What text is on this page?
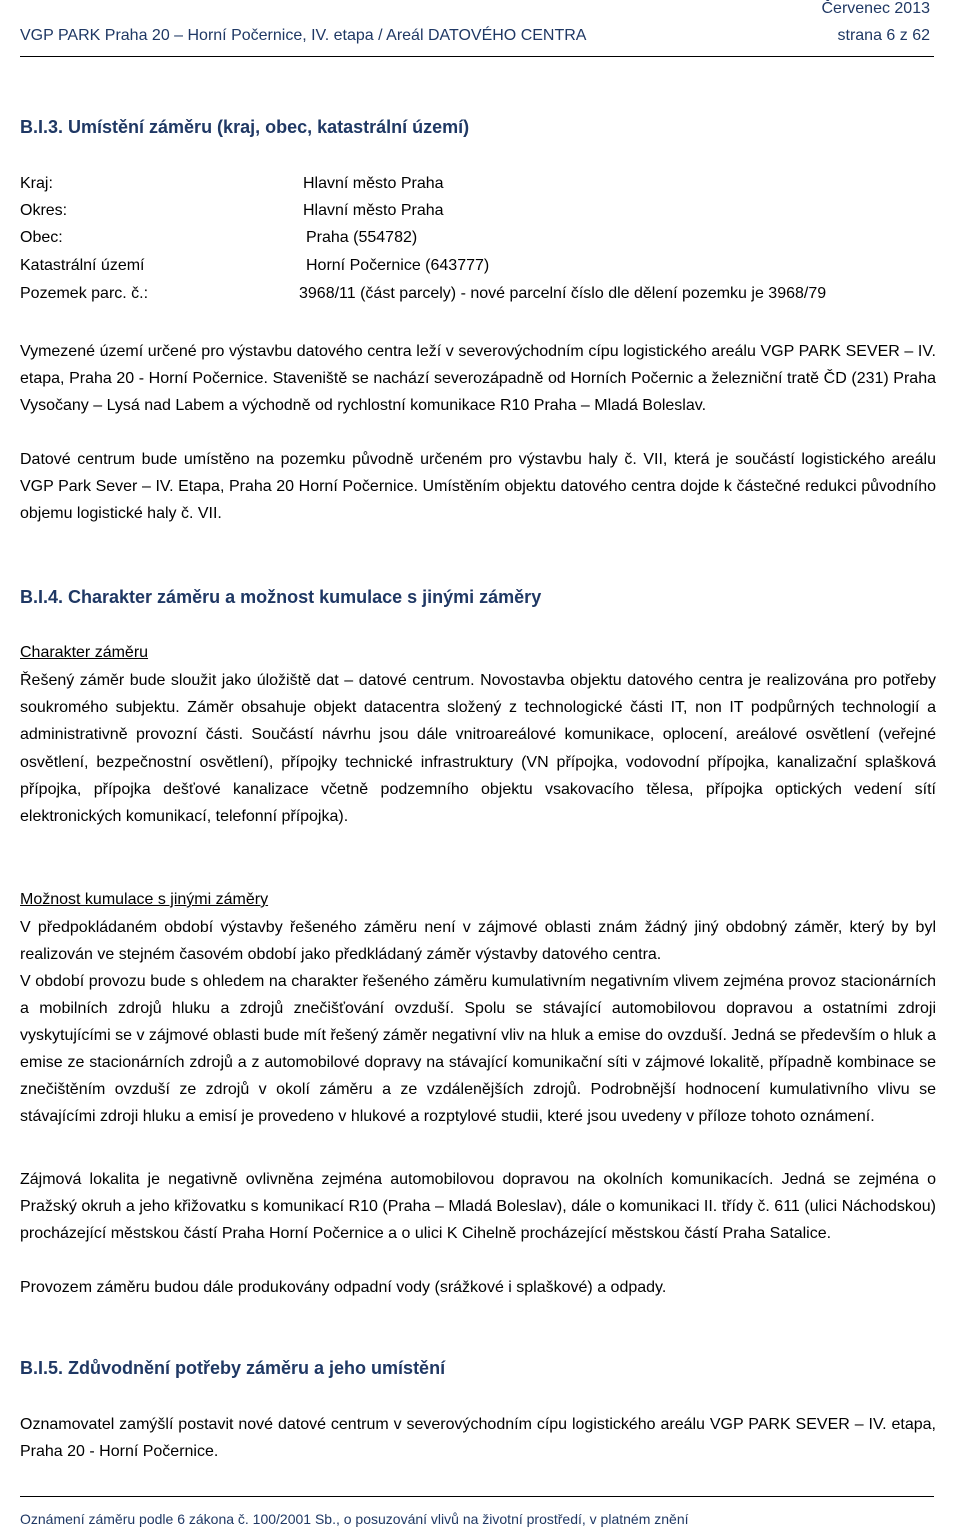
Červenec 2013
VGP PARK Praha 20 – Horní Počernice, IV. etapa / Areál DATOVÉHO CENTRA	strana 6 z 62
B.I.3. Umístění záměru (kraj, obec, katastrální území)
Kraj:	Hlavní město Praha
Okres:	Hlavní město Praha
Obec:	Praha (554782)
Katastrální území	Horní Počernice (643777)
Pozemek parc. č.:	3968/11 (část parcely) - nové parcelní číslo dle dělení pozemku je 3968/79
Vymezené území určené pro výstavbu datového centra leží v severovýchodním cípu logistického areálu VGP PARK SEVER – IV. etapa, Praha 20 - Horní Počernice. Staveniště se nachází severozápadně od Horních Počernic a železniční tratě ČD (231) Praha Vysočany – Lysá nad Labem a východně od rychlostní komunikace R10 Praha – Mladá Boleslav.
Datové centrum bude umístěno na pozemku původně určeném pro výstavbu haly č. VII, která je součástí logistického areálu VGP Park Sever – IV. Etapa, Praha 20 Horní Počernice. Umístěním objektu datového centra dojde k částečné redukci původního objemu logistické haly č. VII.
B.I.4. Charakter záměru a možnost kumulace s jinými záměry
Charakter záměru
Řešený záměr bude sloužit jako úložiště dat – datové centrum. Novostavba objektu datového centra je realizována pro potřeby soukromého subjektu. Záměr obsahuje objekt datacentra složený z technologické části IT, non IT podpůrných technologií a administrativně provozní části. Součástí návrhu jsou dále vnitroareálové komunikace, oplocení, areálové osvětlení (veřejné osvětlení, bezpečnostní osvětlení), přípojky technické infrastruktury (VN přípojka, vodovodní přípojka, kanalizační splašková přípojka, přípojka dešťové kanalizace včetně podzemního objektu vsakovacího tělesa, přípojka optických vedení sítí elektronických komunikací, telefonní přípojka).
Možnost kumulace s jinými záměry
V předpokládaném období výstavby řešeného záměru není v zájmové oblasti znám žádný jiný obdobný záměr, který by byl realizován ve stejném časovém období jako předkládaný záměr výstavby datového centra.
V období provozu bude s ohledem na charakter řešeného záměru kumulativním negativním vlivem zejména provoz stacionárních a mobilních zdrojů hluku a zdrojů znečišťování ovzduší. Spolu se stávající automobilovou dopravou a ostatními zdroji vyskytujícími se v zájmové oblasti bude mít řešený záměr negativní vliv na hluk a emise do ovzduší. Jedná se především o hluk a emise ze stacionárních zdrojů a z automobilové dopravy na stávající komunikační síti v zájmové lokalitě, případně kombinace se znečištěním ovzduší ze zdrojů v okolí záměru a ze vzdálenějších zdrojů. Podrobnější hodnocení kumulativního vlivu se stávajícími zdroji hluku a emisí je provedeno v hlukové a rozptylové studii, které jsou uvedeny v příloze tohoto oznámení.
Zájmová lokalita je negativně ovlivněna zejména automobilovou dopravou na okolních komunikacích. Jedná se zejména o Pražský okruh a jeho křižovatku s komunikací R10 (Praha – Mladá Boleslav), dále o komunikaci II. třídy č. 611 (ulici Náchodskou) procházející městskou částí Praha Horní Počernice a o ulici K Cihelně procházející městskou částí Praha Satalice.
Provozem záměru budou dále produkovány odpadní vody (srážkové i splaškové) a odpady.
B.I.5. Zdůvodnění potřeby záměru a jeho umístění
Oznamovatel zamýšlí postavit nové datové centrum v severovýchodním cípu logistického areálu VGP PARK SEVER – IV. etapa, Praha 20 - Horní Počernice.
Oznámení záměru podle 6 zákona č. 100/2001 Sb., o posuzování vlivů na životní prostředí, v platném znění
